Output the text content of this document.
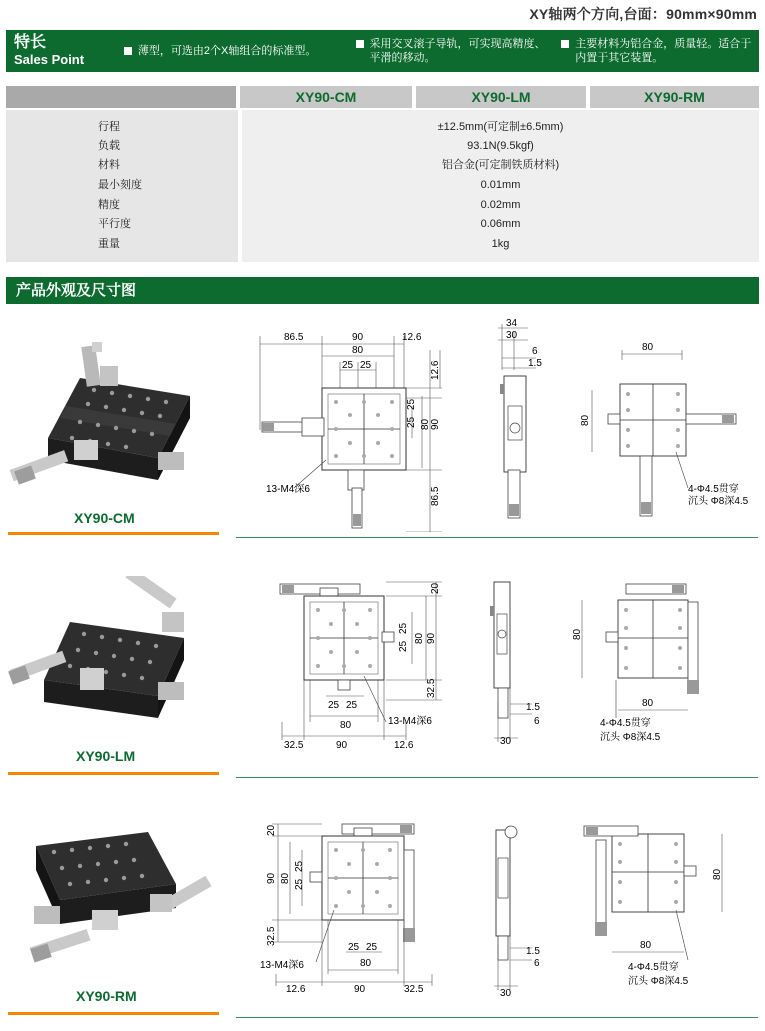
XY轴两个方向,台面：90mm×90mm
特长
Sales Point
薄型，可选由2个X轴组合的标准型。
采用交叉滚子导轨，可实现高精度、平滑的移动。
主要材料为铝合金，质量轻。适合于内置于其它装置。
XY90-CM	XY90-LM	XY90-RM
行程	±12.5mm(可定制±6.5mm)
负载	93.1N(9.5kgf)
材料	铝合金(可定制铁质材料)
最小刻度	0.01mm
精度	0.02mm
平行度	0.06mm
重量	1kg
产品外观及尺寸图
86.5	90	12.6
80
25 25	12.6
25
25
80 90
86.5
13-M4深6
34
30
6
1.5
80
80
4-Φ4.5贯穿
沉头 Φ8深4.5
XY90-CM
20
25
25
80 90
32.5
25 25
80
32.5	90	12.6
13-M4深6
1.5
6
30
80
80
4-Φ4.5贯穿
沉头 Φ8深4.5
XY90-LM
20
25
25
80
90
32.5
25 25
80
12.6	90	32.5
13-M4深6
1.5
6
30
80
80
4-Φ4.5贯穿
沉头 Φ8深4.5
XY90-RM
